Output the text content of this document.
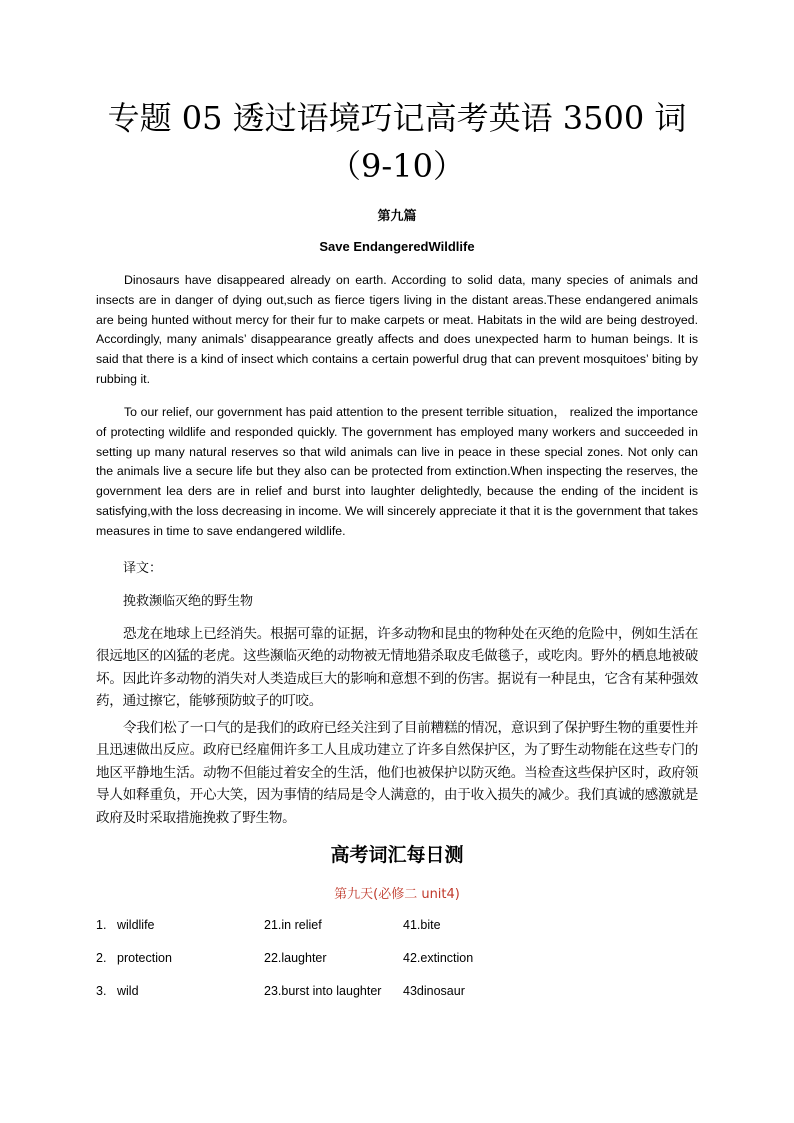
专题 05 透过语境巧记高考英语 3500 词
（9-10）
第九篇
Save EndangeredWildlife

Dinosaurs have disappeared already on earth. According to solid data, many species of animals and insects are in danger of dying out,such as fierce tigers living in the distant areas.These endangered animals are being hunted without mercy for their fur to make carpets or meat. Habitats in the wild are being destroyed. Accordingly, many animals’ disappearance greatly affects and does unexpected harm to human beings. It is said that there is a kind of insect which contains a certain powerful drug that can prevent mosquitoes’ biting by rubbing it.

To our relief, our government has paid attention to the present terrible situation， realized the importance of protecting wildlife and responded quickly. The government has employed many workers and succeeded in setting up many natural reserves so that wild animals can live in peace in these special zones. Not only can the animals live a secure life but they also can be protected from extinction.When inspecting the reserves, the government lea ders are in relief and burst into laughter delightedly, because the ending of the incident is satisfying,with the loss decreasing in income. We will sincerely appreciate it that it is the government that takes measures in time to save endangered wildlife.

译文：
挽救濒临灭绝的野生物

恐龙在地球上已经消失。根据可靠的证据，许多动物和昆虫的物种处在灭绝的危险中，例如生活在很远地区的凶猛的老虎。这些濒临灭绝的动物被无情地猎杀取皮毛做毯子，或吃肉。野外的栖息地被破坏。因此许多动物的消失对人类造成巨大的影响和意想不到的伤害。据说有一种昆虫，它含有某种强效药，通过擦它，能够预防蚊子的叮咬。

令我们松了一口气的是我们的政府已经关注到了目前糟糕的情况，意识到了保护野生物的重要性并且迅速做出反应。政府已经雇佣许多工人且成功建立了许多自然保护区，为了野生动物能在这些专门的地区平静地生活。动物不但能过着安全的生活，他们也被保护以防灭绝。当检查这些保护区时，政府领导人如释重负，开心大笑，因为事情的结局是令人满意的，由于收入损失的减少。我们真诚的感激就是政府及时采取措施挽救了野生物。

高考词汇每日测
第九天(必修二 unit4)
1. wildlife	21.in relief	41.bite
2. protection	22.laughter	42.extinction
3. wild	23.burst into laughter 43dinosaur
